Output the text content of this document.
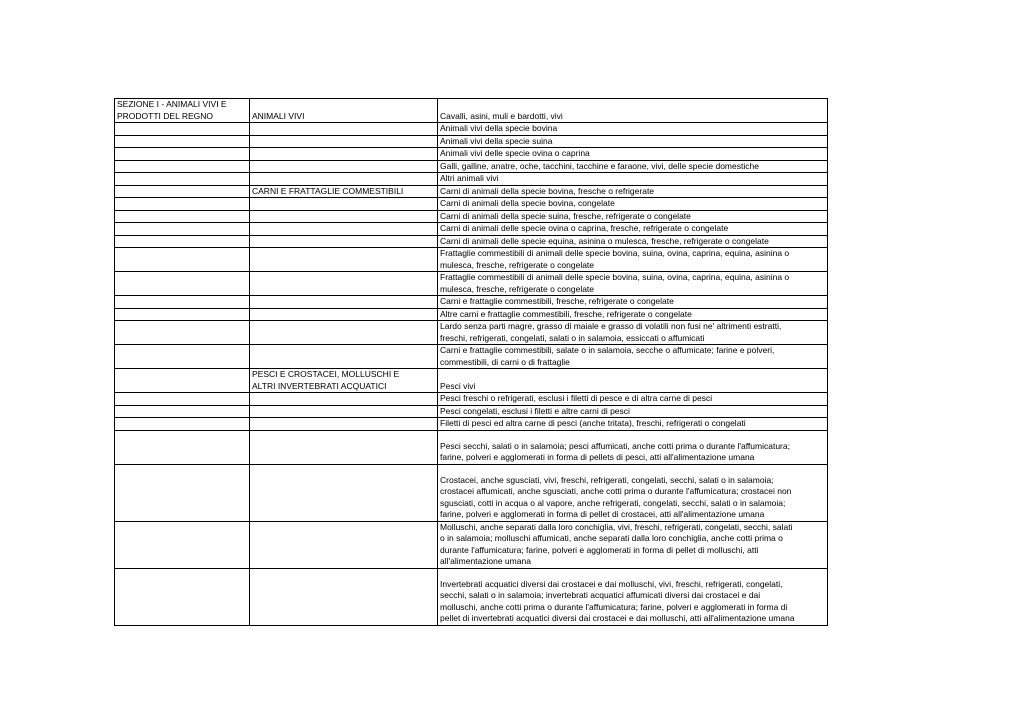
SEZIONE I - ANIMALI VIVI E
PRODOTTI DEL REGNO	ANIMALI VIVI	Cavalli, asini, muli e bardotti, vivi
		Animali vivi della specie bovina
		Animali vivi della specie suina
		Animali vivi delle specie ovina o caprina
		Galli, galline, anatre, oche, tacchini, tacchine e faraone, vivi, delle specie domestiche
		Altri animali vivi
	CARNI E FRATTAGLIE COMMESTIBILI	Carni di animali della specie bovina, fresche o refrigerate
		Carni di animali della specie bovina, congelate
		Carni di animali della specie suina, fresche, refrigerate o congelate
		Carni di animali delle specie ovina o caprina, fresche, refrigerate o congelate
		Carni di animali delle specie equina, asinina o mulesca, fresche, refrigerate o congelate
		Frattaglie commestibili di animali delle specie bovina, suina, ovina, caprina, equina, asinina o
mulesca, fresche, refrigerate o congelate
		Frattaglie commestibili di animali delle specie bovina, suina, ovina, caprina, equina, asinina o
mulesca, fresche, refrigerate o congelate
		Carni e frattaglie commestibili, fresche, refrigerate o congelate
		Altre carni e frattaglie commestibili, fresche, refrigerate o congelate
		Lardo senza parti magre, grasso di maiale e grasso di volatili non fusi ne' altrimenti estratti,
freschi, refrigerati, congelati, salati o in salamoia, essiccati o affumicati
		Carni e frattaglie commestibili, salate o in salamoia, secche o affumicate; farine e polveri,
commestibili, di carni o di frattaglie
	PESCI E CROSTACEI, MOLLUSCHI E
ALTRI INVERTEBRATI ACQUATICI	Pesci vivi
		Pesci freschi o refrigerati, esclusi i filetti di pesce e di altra carne di pesci
		Pesci congelati, esclusi i filetti e altre carni di pesci
		Filetti di pesci ed altra carne di pesci (anche tritata), freschi, refrigerati o congelati
		Pesci secchi, salati o in salamoia; pesci affumicati, anche cotti prima o durante l'affumicatura;
farine, polveri e agglomerati in forma di pellets di pesci, atti all'alimentazione umana
		Crostacei, anche sgusciati, vivi, freschi, refrigerati, congelati, secchi, salati o in salamoia;
crostacei affumicati, anche sgusciati, anche cotti prima o durante l'affumicatura; crostacei non
sgusciati, cotti in acqua o al vapore, anche refrigerati, congelati, secchi, salati o in salamoia;
farine, polveri e agglomerati in forma di pellet di crostacei, atti all'alimentazione umana
		Molluschi, anche separati dalla loro conchiglia, vivi, freschi, refrigerati, congelati, secchi, salati
o in salamoia; molluschi affumicati, anche separati dalla loro conchiglia, anche cotti prima o
durante l'affumicatura; farine, polveri e agglomerati in forma di pellet di molluschi, atti
all'alimentazione umana
		Invertebrati acquatici diversi dai crostacei e dai molluschi, vivi, freschi, refrigerati, congelati,
secchi, salati o in salamoia; invertebrati acquatici affumicati diversi dai crostacei e dai
molluschi, anche cotti prima o durante l'affumicatura; farine, polveri e agglomerati in forma di
pellet di invertebrati acquatici diversi dai crostacei e dai molluschi, atti all'alimentazione umana
